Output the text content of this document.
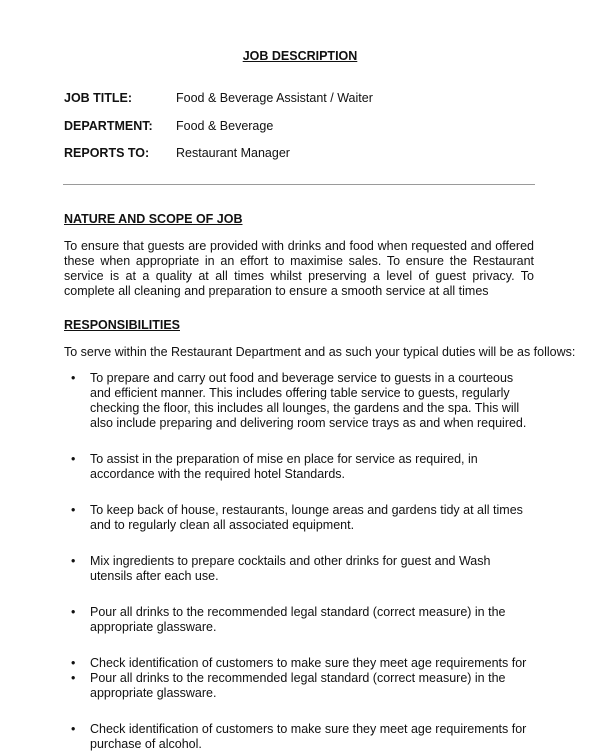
JOB DESCRIPTION
JOB TITLE:	Food & Beverage Assistant / Waiter
DEPARTMENT:	Food & Beverage
REPORTS TO:	Restaurant Manager
NATURE AND SCOPE OF JOB
To ensure that guests are provided with drinks and food when requested and offered these when appropriate in an effort to maximise sales. To ensure the Restaurant service is at a quality at all times whilst preserving a level of guest privacy. To complete all cleaning and preparation to ensure a smooth service at all times
RESPONSIBILITIES
To serve within the Restaurant Department and as such your typical duties will be as follows:
• To prepare and carry out food and beverage service to guests in a courteous and efficient manner. This includes offering table service to guests, regularly checking the floor, this includes all lounges, the gardens and the spa. This will also include preparing and delivering room service trays as and when required.
• To assist in the preparation of mise en place for service as required, in accordance with the required hotel Standards.
• To keep back of house, restaurants, lounge areas and gardens tidy at all times and to regularly clean all associated equipment.
• Mix ingredients to prepare cocktails and other drinks for guest and Wash utensils after each use.
• Pour all drinks to the recommended legal standard (correct measure) in the appropriate glassware.
• Check identification of customers to make sure they meet age requirements for
• Pour all drinks to the recommended legal standard (correct measure) in the appropriate glassware.
• Check identification of customers to make sure they meet age requirements for purchase of alcohol.
